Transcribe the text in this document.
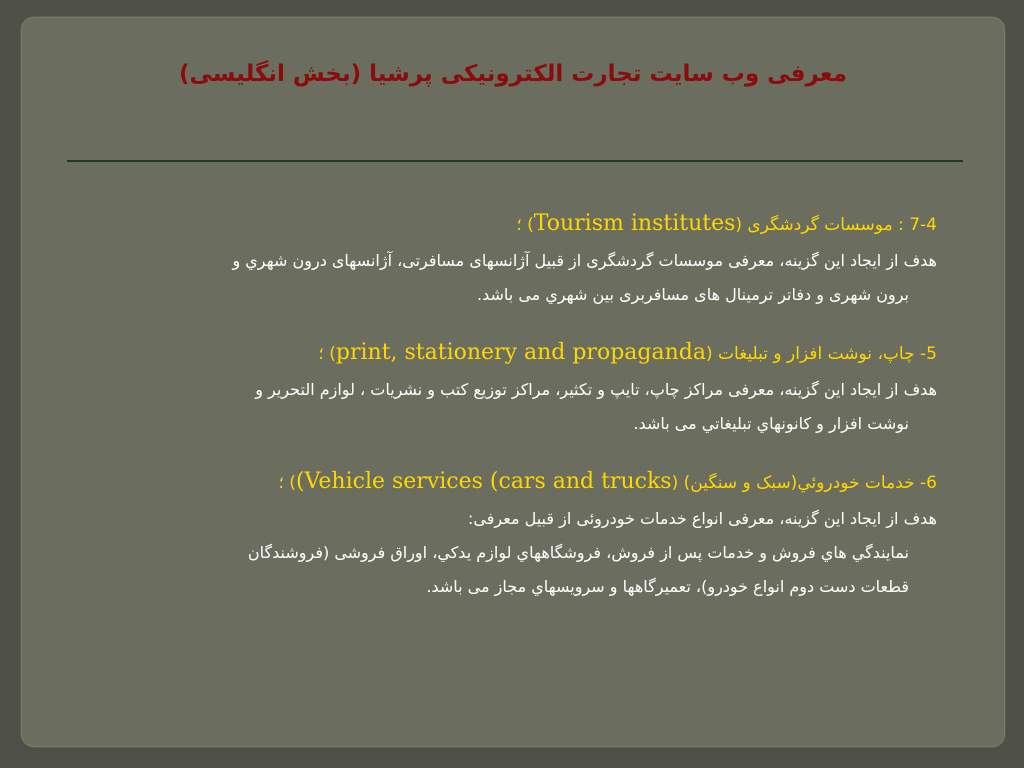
معرفی وب سایت تجارت الکترونیکی پرشیا (بخش انگلیسی)
7-4 : موسسات گردشگری (Tourism institutes) ؛
هدف از ايجاد اين گزينه، معرفی موسسات گردشگری از قبيل آژانسهای مسافرتی، آژانسهای درون شهري و
برون شهری و دفاتر ترمينال های مسافربری بين شهري می باشد.
5- چاپ، نوشت افزار و تبليغات (print, stationery and propaganda) ؛
هدف از ايجاد اين گزينه، معرفی مراكز چاپ، تايپ و تكثير، مراكز توزيع كتب و نشريات ، لوازم التحرير و
نوشت افزار و كانونهاي تبليغاتي می باشد.
6- خدمات خودروئي(سبک و سنگين) ((Vehicle services (cars and trucks) ؛
هدف از ايجاد اين گزينه، معرفی انواع خدمات خودروئی از قبيل معرفی:
نمايندگي هاي فروش و خدمات پس از فروش، فروشگاههاي لوازم يدكي، اوراق فروشی (فروشندگان
قطعات دست دوم انواع خودرو)، تعميرگاهها و سرويسهاي مجاز می باشد.
